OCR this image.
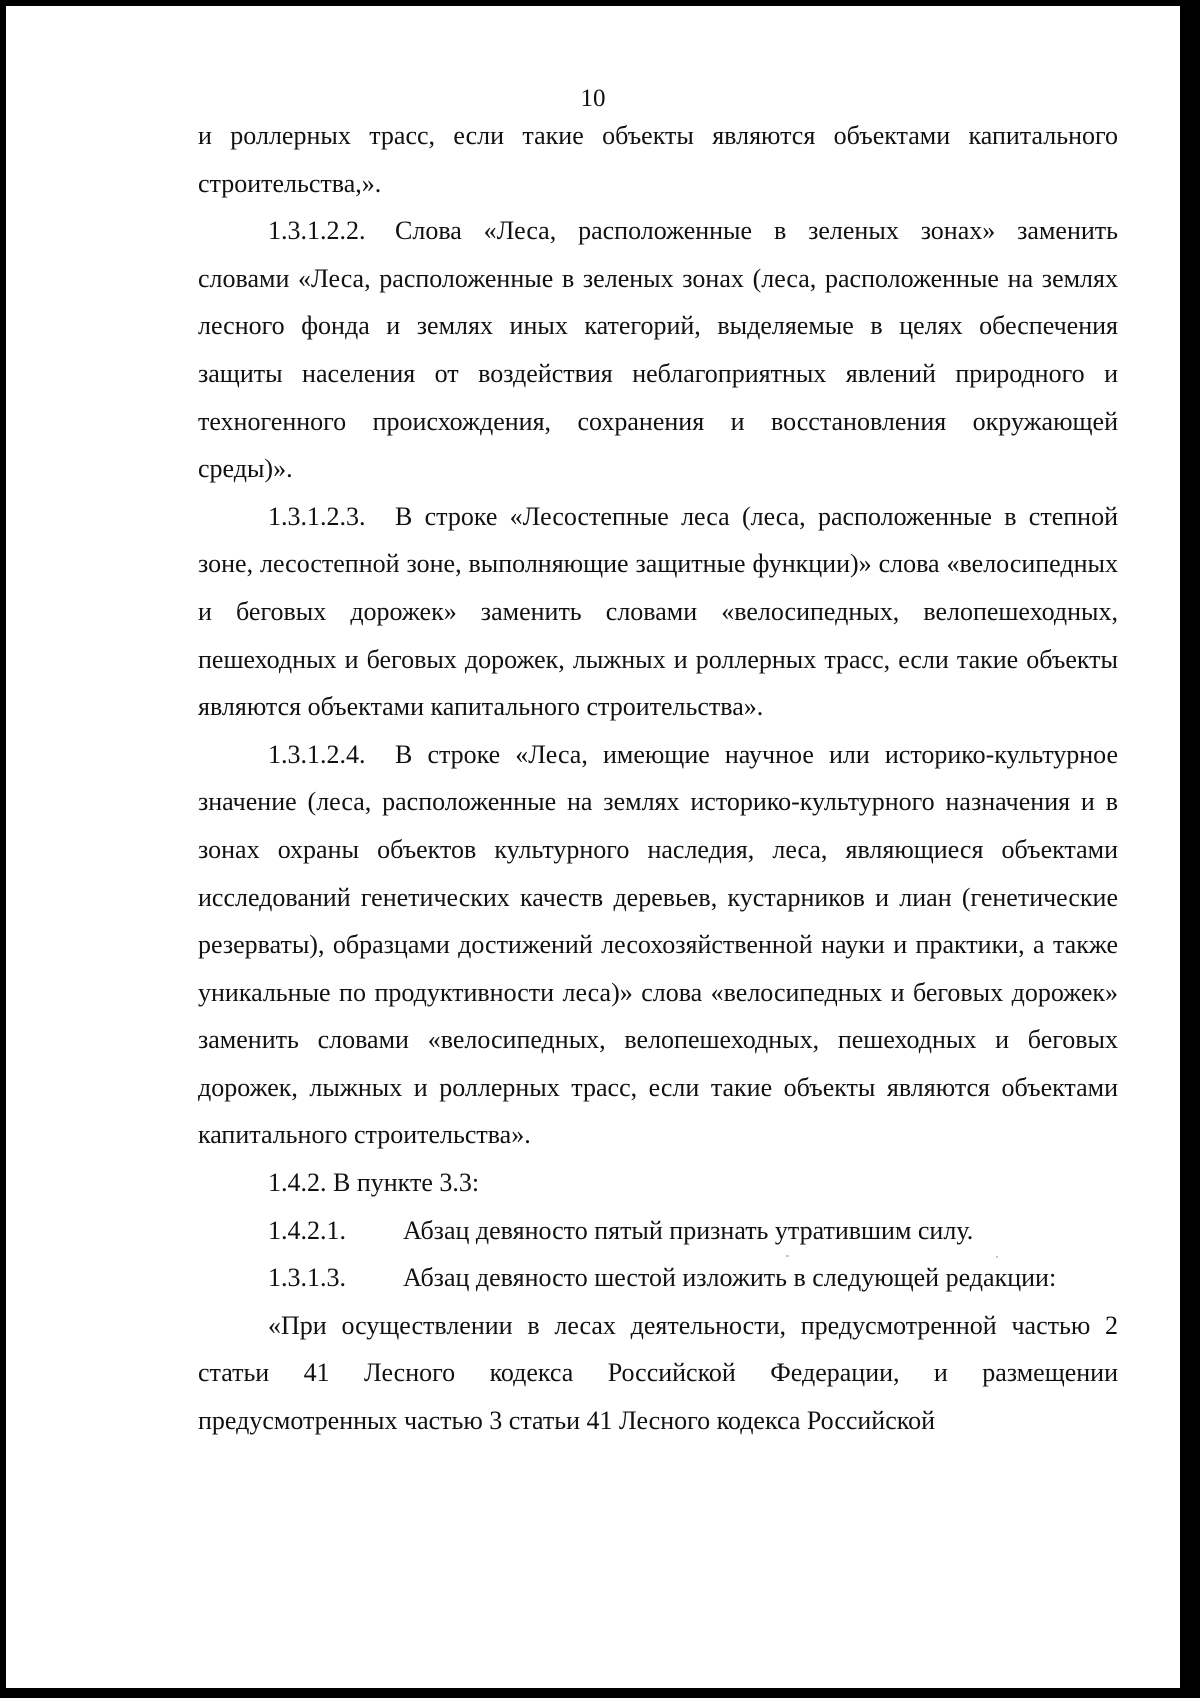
10

и роллерных трасс, если такие объекты являются объектами капитального строительства,».

1.3.1.2.2. Слова «Леса, расположенные в зеленых зонах» заменить словами «Леса, расположенные в зеленых зонах (леса, расположенные на землях лесного фонда и землях иных категорий, выделяемые в целях обеспечения защиты населения от воздействия неблагоприятных явлений природного и техногенного происхождения, сохранения и восстановления окружающей среды)».

1.3.1.2.3. В строке «Лесостепные леса (леса, расположенные в степной зоне, лесостепной зоне, выполняющие защитные функции)» слова «велосипедных и беговых дорожек» заменить словами «велосипедных, велопешеходных, пешеходных и беговых дорожек, лыжных и роллерных трасс, если такие объекты являются объектами капитального строительства».

1.3.1.2.4. В строке «Леса, имеющие научное или историко-культурное значение (леса, расположенные на землях историко-культурного назначения и в зонах охраны объектов культурного наследия, леса, являющиеся объектами исследований генетических качеств деревьев, кустарников и лиан (генетические резерваты), образцами достижений лесохозяйственной науки и практики, а также уникальные по продуктивности леса)» слова «велосипедных и беговых дорожек» заменить словами «велосипедных, велопешеходных, пешеходных и беговых дорожек, лыжных и роллерных трасс, если такие объекты являются объектами капитального строительства».

1.4.2. В пункте 3.3:

1.4.2.1. Абзац девяносто пятый признать утратившим силу.

1.3.1.3. Абзац девяносто шестой изложить в следующей редакции:

«При осуществлении в лесах деятельности, предусмотренной частью 2 статьи 41 Лесного кодекса Российской Федерации, и размещении предусмотренных частью 3 статьи 41 Лесного кодекса Российской
